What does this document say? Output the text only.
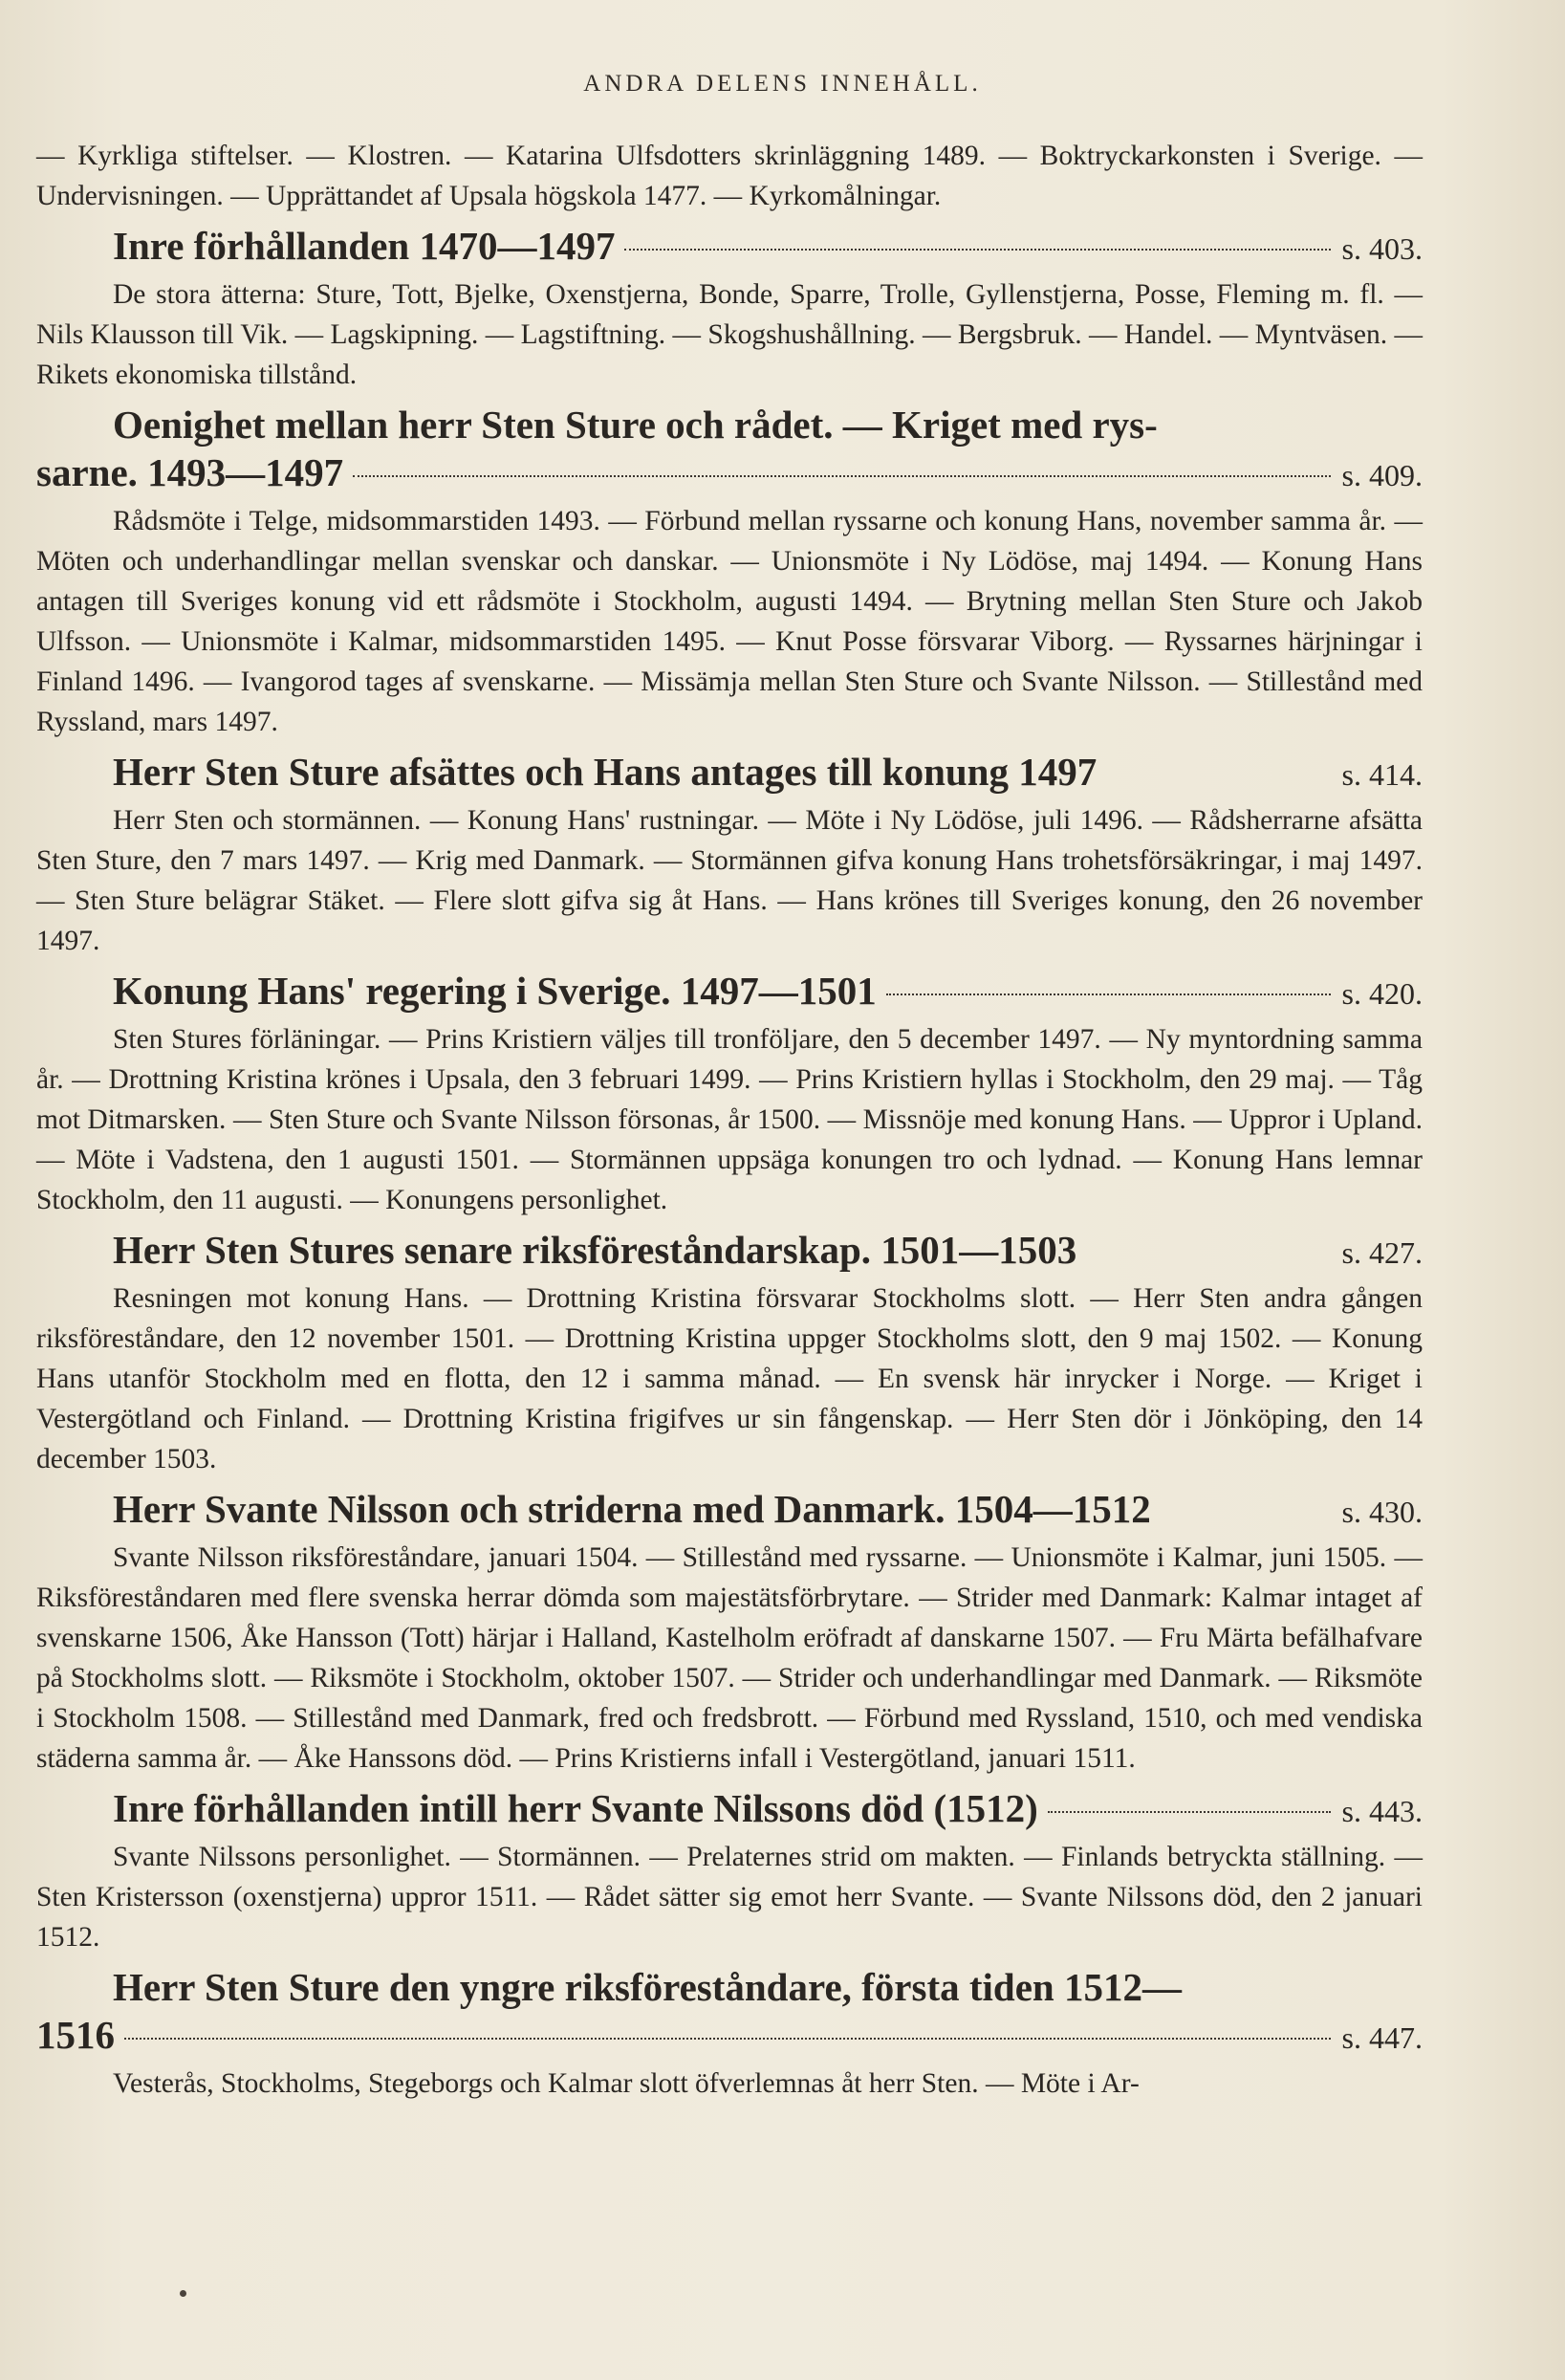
ANDRA DELENS INNEHÅLL.

— Kyrkliga stiftelser. — Klostren. — Katarina Ulfsdotters skrinläggning 1489. — Boktryckarkonsten i Sverige. — Undervisningen. — Upprättandet af Upsala högskola 1477. — Kyrkomålningar.

Inre förhållanden 1470—1497	s. 403.

De stora ätterna: Sture, Tott, Bjelke, Oxenstjerna, Bonde, Sparre, Trolle, Gyllenstjerna, Posse, Fleming m. fl. — Nils Klausson till Vik. — Lagskipning. — Lagstiftning. — Skogshushållning. — Bergsbruk. — Handel. — Myntväsen. — Rikets ekonomiska tillstånd.

Oenighet mellan herr Sten Sture och rådet. — Kriget med rys-
sarne. 1493—1497	s. 409.

Rådsmöte i Telge, midsommarstiden 1493. — Förbund mellan ryssarne och konung Hans, november samma år. — Möten och underhandlingar mellan svenskar och danskar. — Unionsmöte i Ny Lödöse, maj 1494. — Konung Hans antagen till Sveriges konung vid ett rådsmöte i Stockholm, augusti 1494. — Brytning mellan Sten Sture och Jakob Ulfsson. — Unionsmöte i Kalmar, midsommarstiden 1495. — Knut Posse försvarar Viborg. — Ryssarnes härjningar i Finland 1496. — Ivangorod tages af svenskarne. — Missämja mellan Sten Sture och Svante Nilsson. — Stillestånd med Ryssland, mars 1497.

Herr Sten Sture afsättes och Hans antages till konung 1497	s. 414.

Herr Sten och stormännen. — Konung Hans' rustningar. — Möte i Ny Lödöse, juli 1496. — Rådsherrarne afsätta Sten Sture, den 7 mars 1497. — Krig med Danmark. — Stormännen gifva konung Hans trohetsförsäkringar, i maj 1497. — Sten Sture belägrar Stäket. — Flere slott gifva sig åt Hans. — Hans krönes till Sveriges konung, den 26 november 1497.

Konung Hans' regering i Sverige. 1497—1501	s. 420.

Sten Stures förläningar. — Prins Kristiern väljes till tronföljare, den 5 december 1497. — Ny myntordning samma år. — Drottning Kristina krönes i Upsala, den 3 februari 1499. — Prins Kristiern hyllas i Stockholm, den 29 maj. — Tåg mot Ditmarsken. — Sten Sture och Svante Nilsson försonas, år 1500. — Missnöje med konung Hans. — Uppror i Upland. — Möte i Vadstena, den 1 augusti 1501. — Stormännen uppsäga konungen tro och lydnad. — Konung Hans lemnar Stockholm, den 11 augusti. — Konungens personlighet.

Herr Sten Stures senare riksföreståndarskap. 1501—1503	s. 427.

Resningen mot konung Hans. — Drottning Kristina försvarar Stockholms slott. — Herr Sten andra gången riksföreståndare, den 12 november 1501. — Drottning Kristina uppger Stockholms slott, den 9 maj 1502. — Konung Hans utanför Stockholm med en flotta, den 12 i samma månad. — En svensk här inrycker i Norge. — Kriget i Vestergötland och Finland. — Drottning Kristina frigifves ur sin fångenskap. — Herr Sten dör i Jönköping, den 14 december 1503.

Herr Svante Nilsson och striderna med Danmark. 1504—1512	s. 430.

Svante Nilsson riksföreståndare, januari 1504. — Stillestånd med ryssarne. — Unionsmöte i Kalmar, juni 1505. — Riksföreståndaren med flere svenska herrar dömda som majestätsförbrytare. — Strider med Danmark: Kalmar intaget af svenskarne 1506, Åke Hansson (Tott) härjar i Halland, Kastelholm eröfradt af danskarne 1507. — Fru Märta befälhafvare på Stockholms slott. — Riksmöte i Stockholm, oktober 1507. — Strider och underhandlingar med Danmark. — Riksmöte i Stockholm 1508. — Stillestånd med Danmark, fred och fredsbrott. — Förbund med Ryssland, 1510, och med vendiska städerna samma år. — Åke Hanssons död. — Prins Kristierns infall i Vestergötland, januari 1511.

Inre förhållanden intill herr Svante Nilssons död (1512)	s. 443.

Svante Nilssons personlighet. — Stormännen. — Prelaternes strid om makten. — Finlands betryckta ställning. — Sten Kristersson (oxenstjerna) uppror 1511. — Rådet sätter sig emot herr Svante. — Svante Nilssons död, den 2 januari 1512.

Herr Sten Sture den yngre riksföreståndare, första tiden 1512—
1516	s. 447.

Vesterås, Stockholms, Stegeborgs och Kalmar slott öfverlemnas åt herr Sten. — Möte i Ar-
